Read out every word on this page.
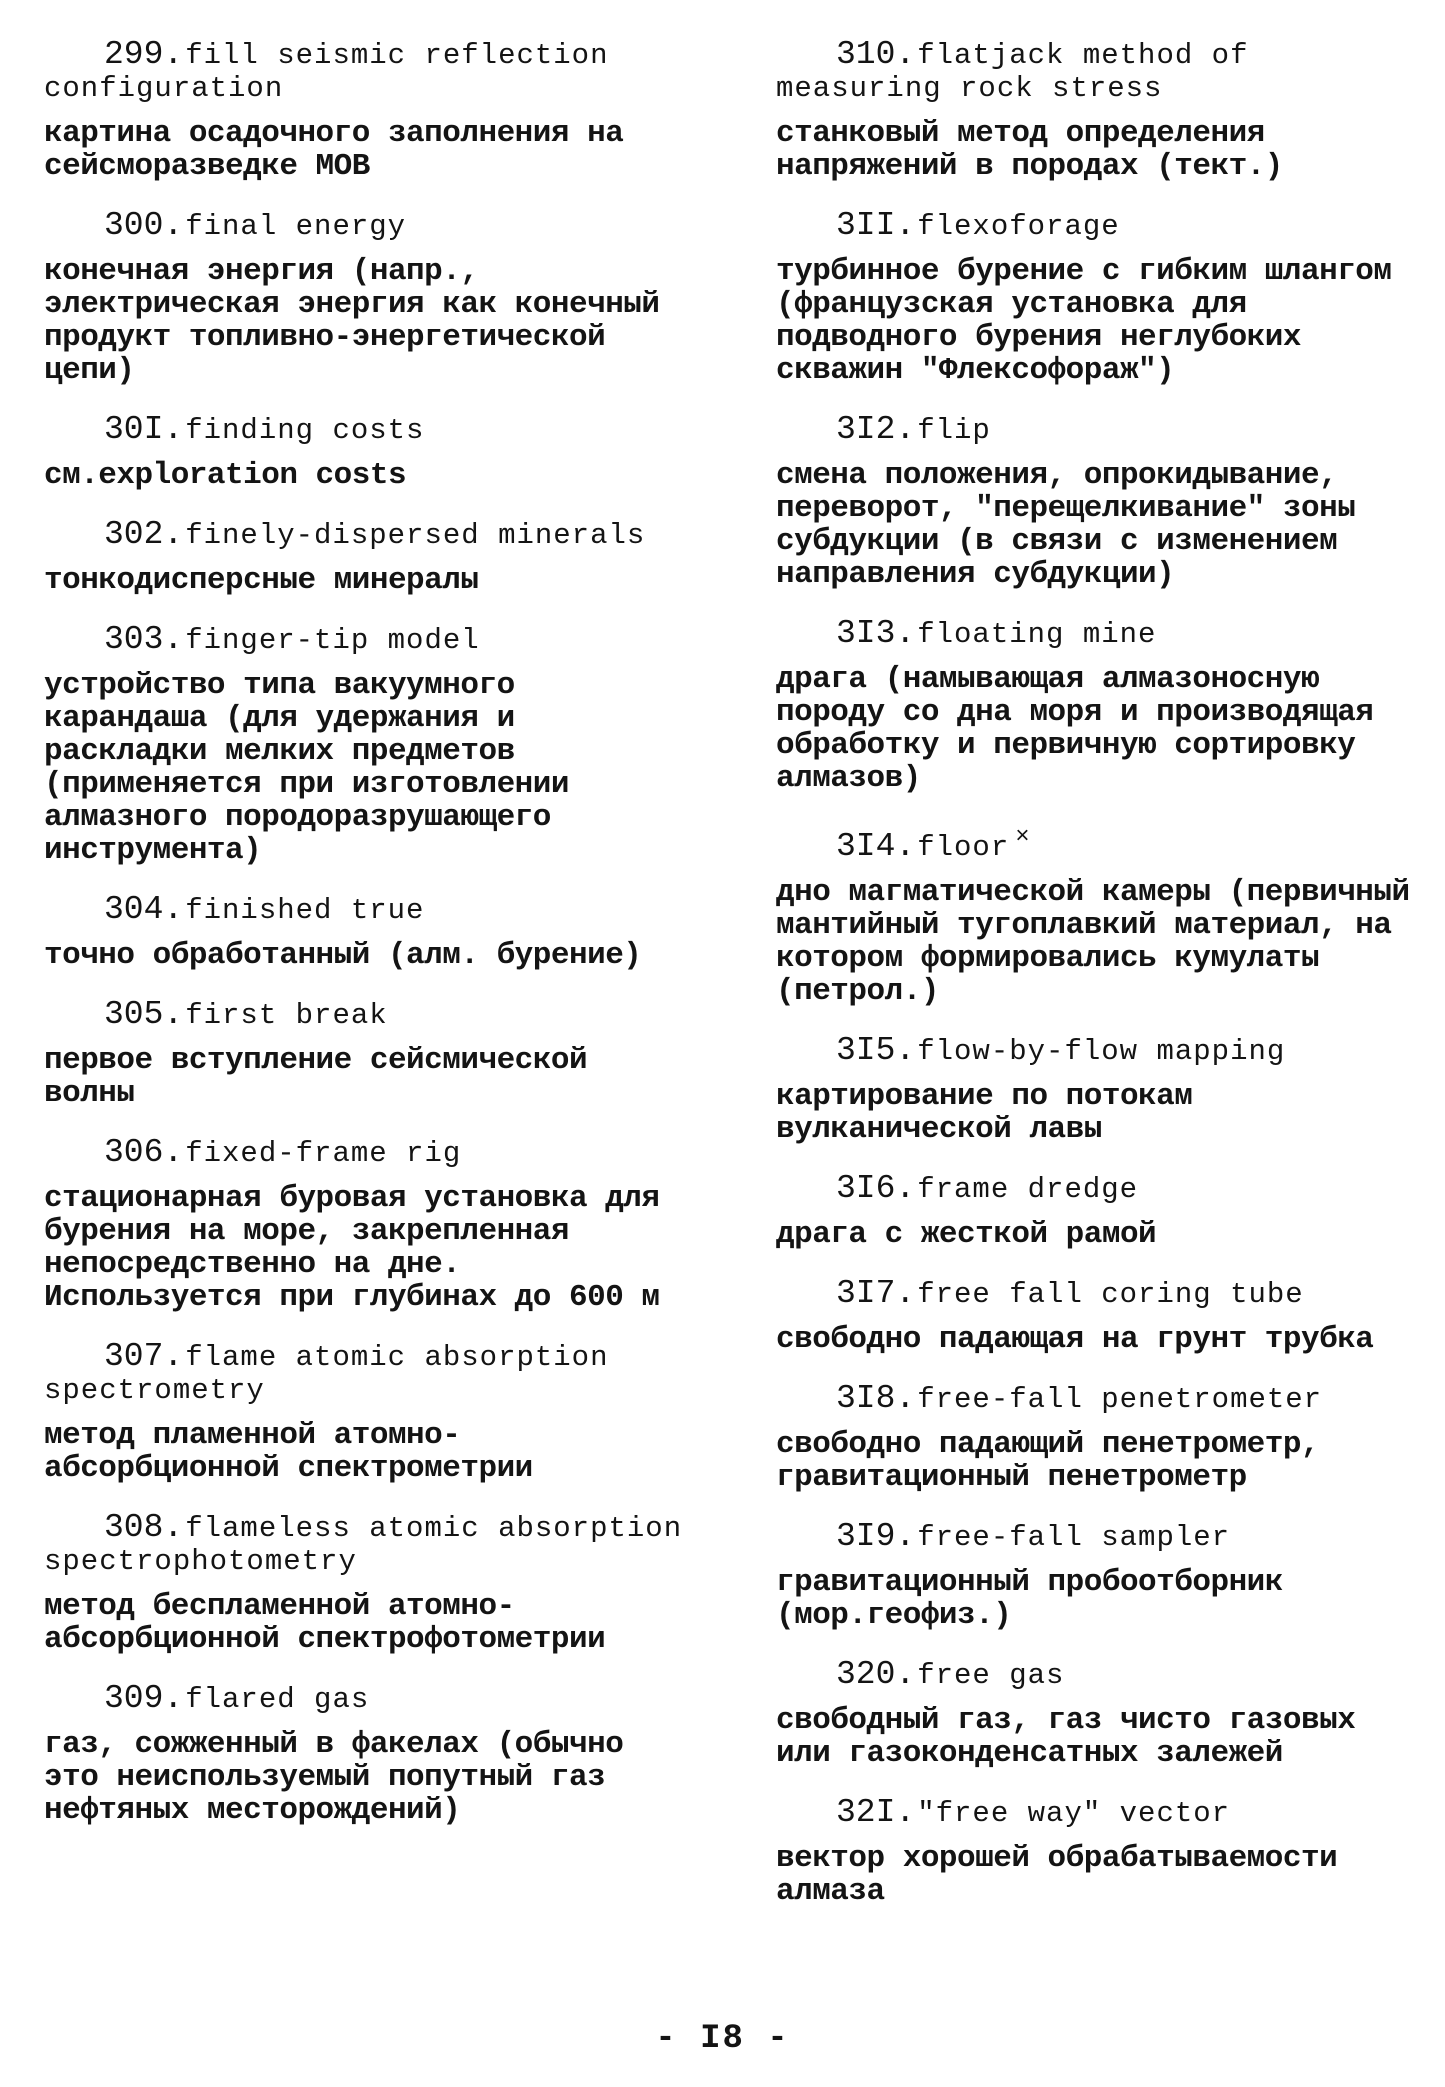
299.fill seismic reflection configuration

картина осадочного заполнения на сейсморазведке МОВ

300.final energy

конечная энергия (напр., электрическая энергия как конечный продукт топливно-энергетической цепи)

30I.finding costs

см.exploration costs

302.finely-dispersed minerals

тонкодисперсные минералы

303.finger-tip model

устройство типа вакуумного карандаша (для удержания и раскладки мелких предметов (применяется при изготовлении алмазного породоразрушающего инструмента)

304.finished true

точно обработанный (алм. бурение)

305.first break

первое вступление сейсмической волны

306.fixed-frame rig

стационарная буровая установка для бурения на море, закрепленная непосредственно на дне. Используется при глубинах до 600 м

307.flame atomic absorption spectrometry

метод пламенной атомно-абсорбционной спектрометрии

308.flameless atomic absorption spectrophotometry

метод беспламенной атомно-абсорбционной спектрофотометрии

309.flared gas

газ, сожженный в факелах (обычно это неиспользуемый попутный газ нефтяных месторождений)

310.flatjack method of measuring rock stress

станковый метод определения напряжений в породах (тект.)

3II.flexoforage

турбинное бурение с гибким шлангом (французская установка для подводного бурения неглубоких скважин "Флексофораж")

3I2.flip

смена положения, опрокидывание, переворот, "перещелкивание" зоны субдукции (в связи с изменением направления субдукции)

3I3.floating mine

драга (намывающая алмазоносную породу со дна моря и производящая обработку и первичную сортировку алмазов)

3I4.floor ×

дно магматической камеры (первичный мантийный тугоплавкий материал, на котором формировались кумулаты (петрол.)

3I5.flow-by-flow mapping

картирование по потокам вулканической лавы

3I6.frame dredge

драга с жесткой рамой

3I7.free fall coring tube

свободно падающая на грунт трубка

3I8.free-fall penetrometer

свободно падающий пенетрометр, гравитационный пенетрометр

3I9.free-fall sampler

гравитационный пробоотборник (мор.геофиз.)

320.free gas

свободный газ, газ чисто газовых или газоконденсатных залежей

32I."free way" vector

вектор хорошей обрабатываемости алмаза

- I8 -
